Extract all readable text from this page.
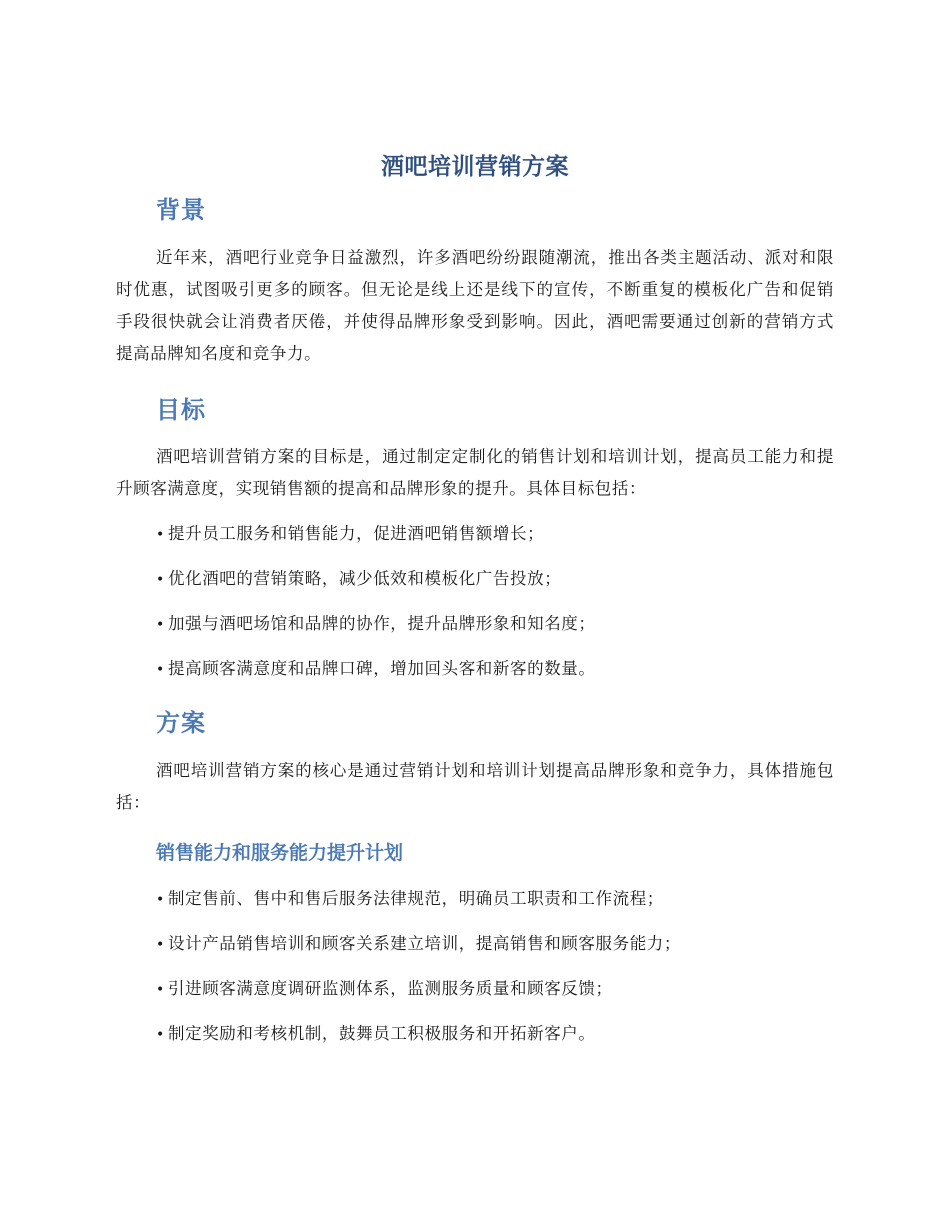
酒吧培训营销方案
背景
近年来，酒吧行业竞争日益激烈，许多酒吧纷纷跟随潮流，推出各类主题活动、派对和限时优惠，试图吸引更多的顾客。但无论是线上还是线下的宣传，不断重复的模板化广告和促销手段很快就会让消费者厌倦，并使得品牌形象受到影响。因此，酒吧需要通过创新的营销方式提高品牌知名度和竞争力。
目标
酒吧培训营销方案的目标是，通过制定定制化的销售计划和培训计划，提高员工能力和提升顾客满意度，实现销售额的提高和品牌形象的提升。具体目标包括：
• 提升员工服务和销售能力，促进酒吧销售额增长；
• 优化酒吧的营销策略，减少低效和模板化广告投放；
• 加强与酒吧场馆和品牌的协作，提升品牌形象和知名度；
• 提高顾客满意度和品牌口碑，增加回头客和新客的数量。
方案
酒吧培训营销方案的核心是通过营销计划和培训计划提高品牌形象和竞争力，具体措施包括：
销售能力和服务能力提升计划
• 制定售前、售中和售后服务法律规范，明确员工职责和工作流程；
• 设计产品销售培训和顾客关系建立培训，提高销售和顾客服务能力；
• 引进顾客满意度调研监测体系，监测服务质量和顾客反馈；
• 制定奖励和考核机制，鼓舞员工积极服务和开拓新客户。
